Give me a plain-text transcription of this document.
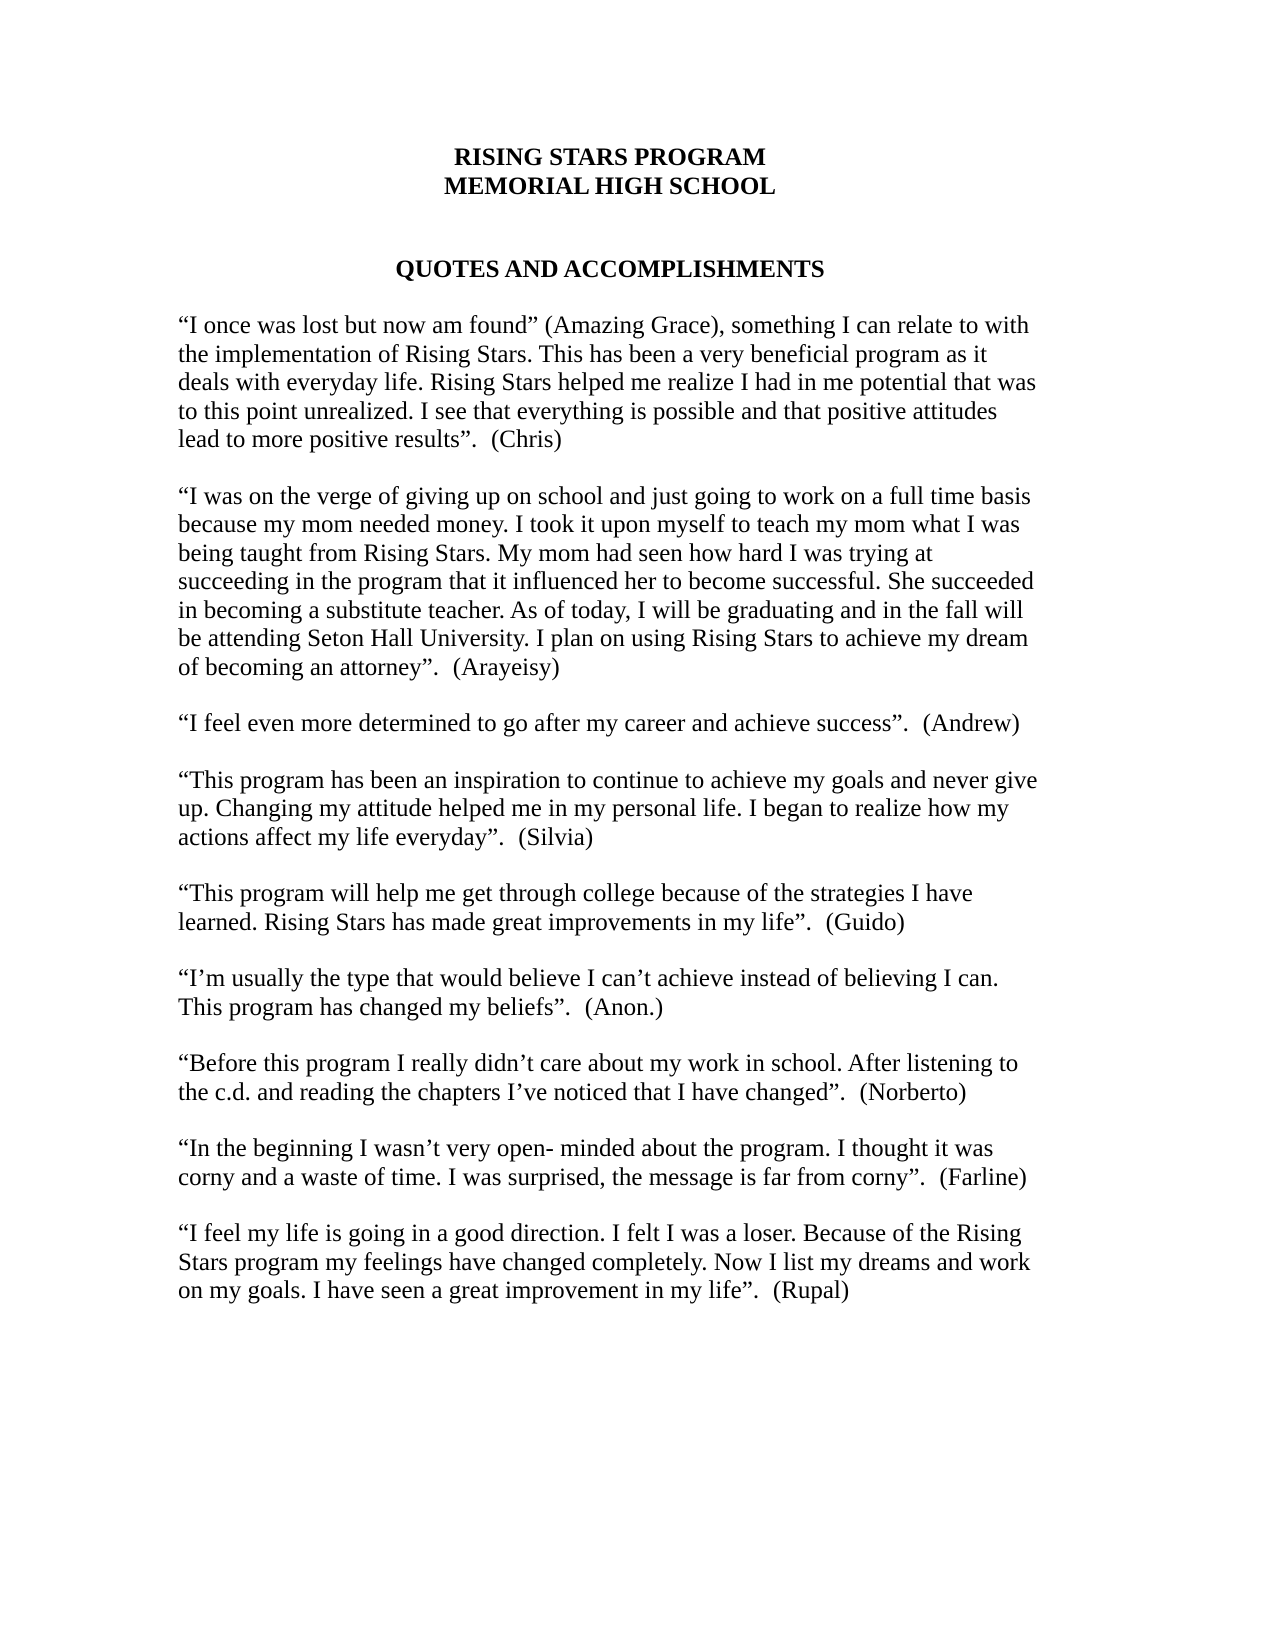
RISING STARS PROGRAM
MEMORIAL HIGH SCHOOL
QUOTES AND ACCOMPLISHMENTS

“I once was lost but now am found” (Amazing Grace), something I can relate to with the implementation of Rising Stars. This has been a very beneficial program as it deals with everyday life. Rising Stars helped me realize I had in me potential that was to this point unrealized. I see that everything is possible and that positive attitudes lead to more positive results”. (Chris)

“I was on the verge of giving up on school and just going to work on a full time basis because my mom needed money. I took it upon myself to teach my mom what I was being taught from Rising Stars. My mom had seen how hard I was trying at succeeding in the program that it influenced her to become successful. She succeeded in becoming a substitute teacher. As of today, I will be graduating and in the fall will be attending Seton Hall University. I plan on using Rising Stars to achieve my dream of becoming an attorney”. (Arayeisy)

“I feel even more determined to go after my career and achieve success”. (Andrew)

“This program has been an inspiration to continue to achieve my goals and never give up. Changing my attitude helped me in my personal life. I began to realize how my actions affect my life everyday”. (Silvia)

“This program will help me get through college because of the strategies I have learned. Rising Stars has made great improvements in my life”. (Guido)

“I’m usually the type that would believe I can’t achieve instead of believing I can. This program has changed my beliefs”. (Anon.)

“Before this program I really didn’t care about my work in school. After listening to the c.d. and reading the chapters I’ve noticed that I have changed”. (Norberto)

“In the beginning I wasn’t very open- minded about the program. I thought it was corny and a waste of time. I was surprised, the message is far from corny”. (Farline)

“I feel my life is going in a good direction. I felt I was a loser. Because of the Rising Stars program my feelings have changed completely. Now I list my dreams and work on my goals. I have seen a great improvement in my life”. (Rupal)
